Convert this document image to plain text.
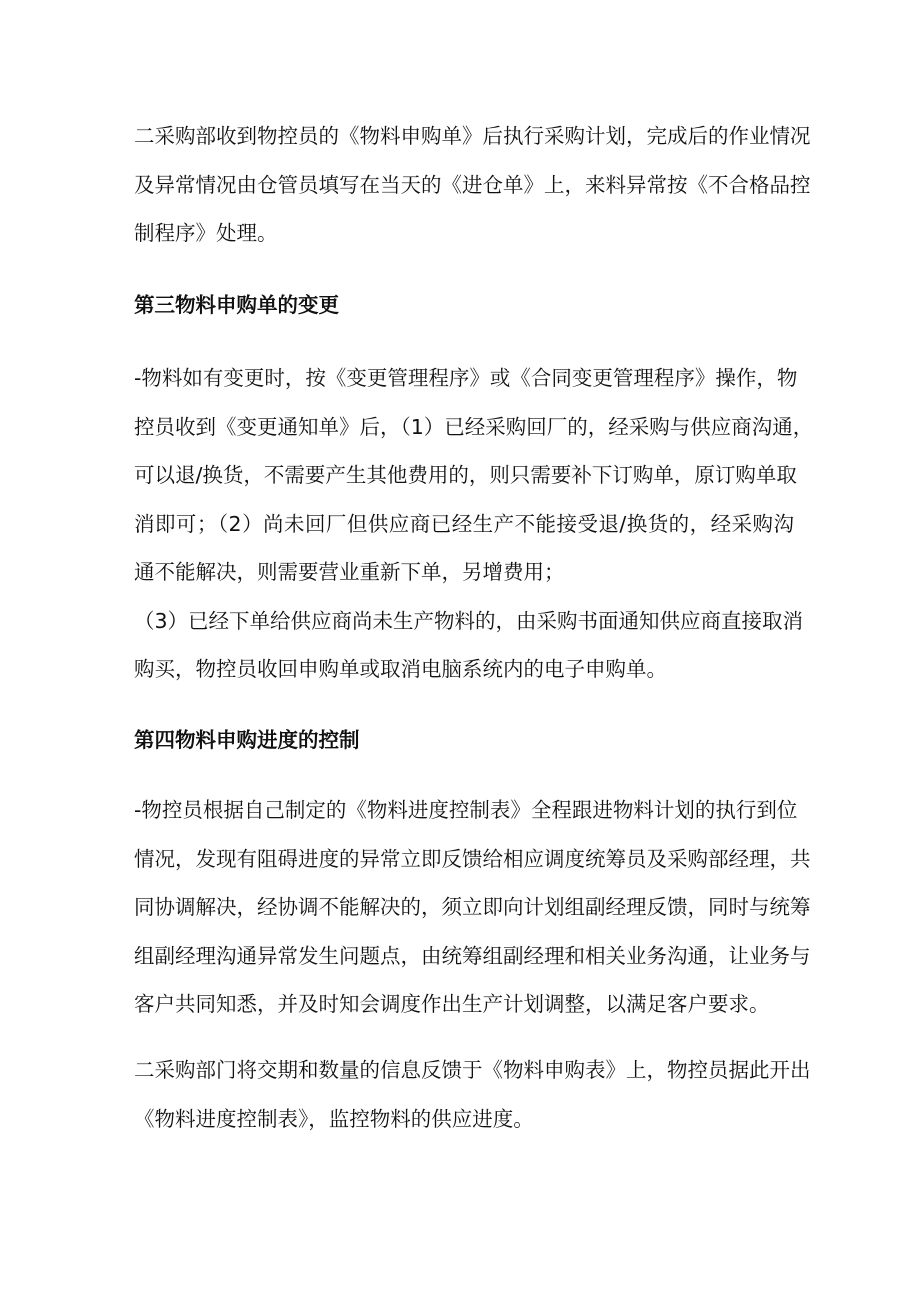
二采购部收到物控员的《物料申购单》后执行采购计划，完成后的作业情况
及异常情况由仓管员填写在当天的《进仓单》上，来料异常按《不合格品控
制程序》处理。
第三物料申购单的变更
-物料如有变更时，按《变更管理程序》或《合同变更管理程序》操作，物
控员收到《变更通知单》后，（1）已经采购回厂的，经采购与供应商沟通，
可以退/换货，不需要产生其他费用的，则只需要补下订购单，原订购单取
消即可；（2）尚未回厂但供应商已经生产不能接受退/换货的，经采购沟
通不能解决，则需要营业重新下单，另增费用；
（3）已经下单给供应商尚未生产物料的，由采购书面通知供应商直接取消
购买，物控员收回申购单或取消电脑系统内的电子申购单。
第四物料申购进度的控制
-物控员根据自己制定的《物料进度控制表》全程跟进物料计划的执行到位
情况，发现有阻碍进度的异常立即反馈给相应调度统筹员及采购部经理，共
同协调解决，经协调不能解决的，须立即向计划组副经理反馈，同时与统筹
组副经理沟通异常发生问题点，由统筹组副经理和相关业务沟通，让业务与
客户共同知悉，并及时知会调度作出生产计划调整，以满足客户要求。
二采购部门将交期和数量的信息反馈于《物料申购表》上，物控员据此开出
《物料进度控制表》，监控物料的供应进度。
